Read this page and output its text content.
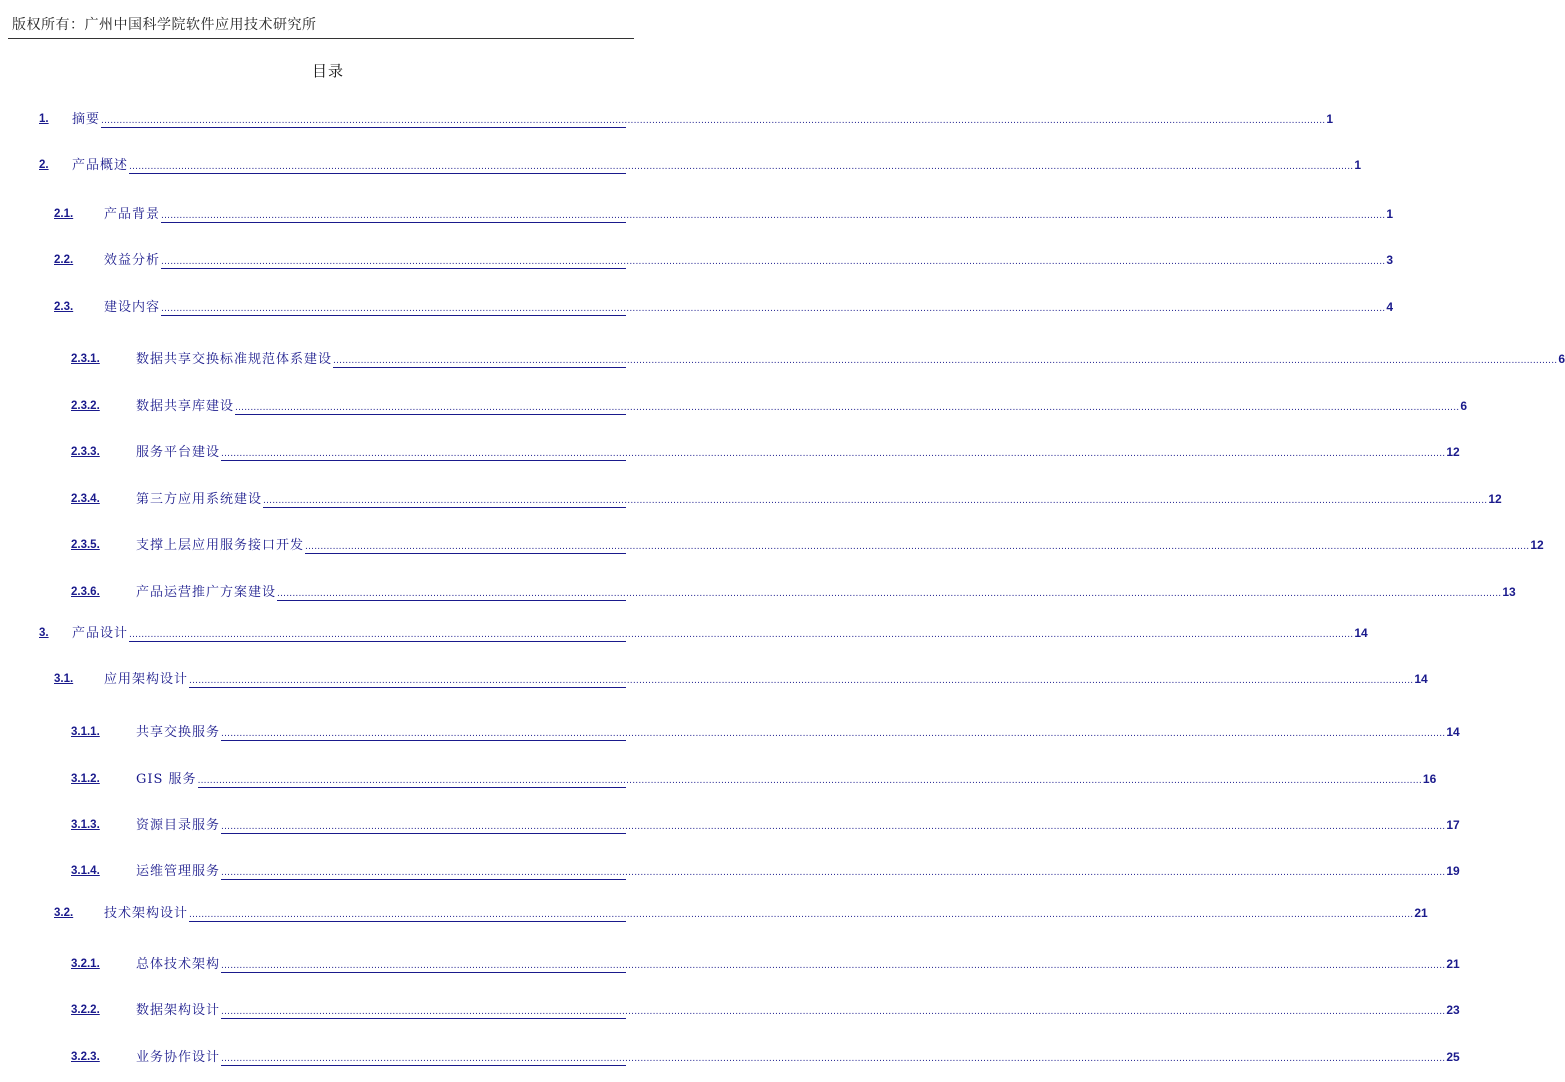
版权所有：广州中国科学院软件应用技术研究所
目录
1. 摘要 ................................................................................................................................................................................................................................................................................................................................................................................................................ 1
2. 产品概述 ................................................................................................................................................................................................................................................................................................................................................................................................................ 1
2.1. 产品背景 ................................................................................................................................................................................................................................................................................................................................................................................................................ 1
2.2. 效益分析 ................................................................................................................................................................................................................................................................................................................................................................................................................ 3
2.3. 建设内容 ................................................................................................................................................................................................................................................................................................................................................................................................................ 4
2.3.1.	数据共享交换标准规范体系建设 ................................................................................................................................................................................................................................................................................................................................................................................................................ 6
2.3.2.	数据共享库建设 ................................................................................................................................................................................................................................................................................................................................................................................................................ 6
2.3.3.	服务平台建设 ................................................................................................................................................................................................................................................................................................................................................................................................................ 12
2.3.4.	第三方应用系统建设 ................................................................................................................................................................................................................................................................................................................................................................................................................ 12
2.3.5.	支撑上层应用服务接口开发 ................................................................................................................................................................................................................................................................................................................................................................................................................ 12
2.3.6.	产品运营推广方案建设 ................................................................................................................................................................................................................................................................................................................................................................................................................ 13
3. 产品设计 ................................................................................................................................................................................................................................................................................................................................................................................................................ 14
3.1. 应用架构设计 ................................................................................................................................................................................................................................................................................................................................................................................................................ 14
3.1.1.	共享交换服务 ................................................................................................................................................................................................................................................................................................................................................................................................................ 14
3.1.2.	GIS 服务 ................................................................................................................................................................................................................................................................................................................................................................................................................ 16
3.1.3.	资源目录服务 ................................................................................................................................................................................................................................................................................................................................................................................................................ 17
3.1.4.	运维管理服务 ................................................................................................................................................................................................................................................................................................................................................................................................................ 19
3.2. 技术架构设计 ................................................................................................................................................................................................................................................................................................................................................................................................................ 21
3.2.1.	总体技术架构 ................................................................................................................................................................................................................................................................................................................................................................................................................ 21
3.2.2.	数据架构设计 ................................................................................................................................................................................................................................................................................................................................................................................................................ 23
3.2.3.	业务协作设计 ................................................................................................................................................................................................................................................................................................................................................................................................................ 25
